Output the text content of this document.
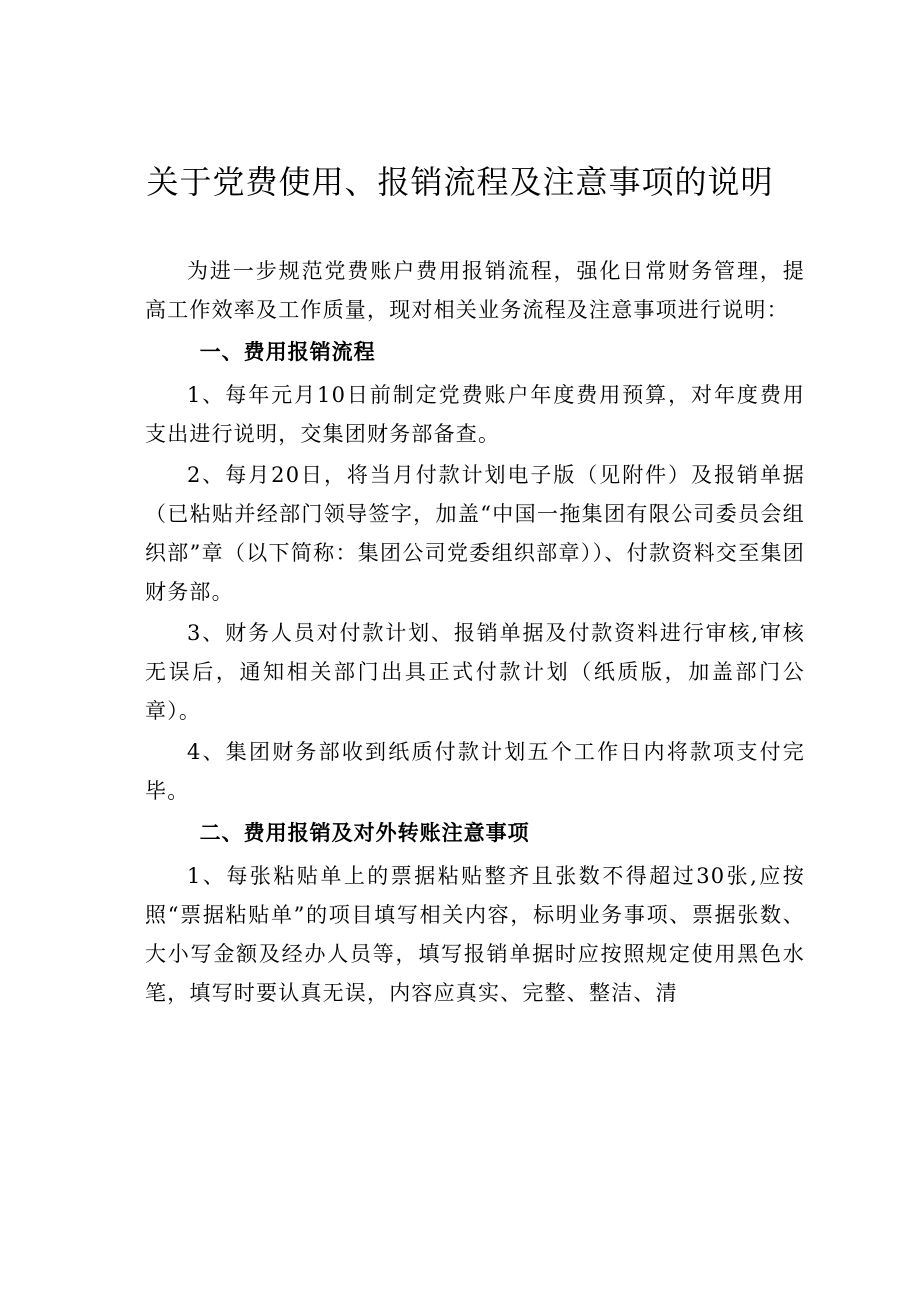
关于党费使用、报销流程及注意事项的说明

为进一步规范党费账户费用报销流程，强化日常财务管理，提高工作效率及工作质量，现对相关业务流程及注意事项进行说明：

一、费用报销流程

1、每年元月10日前制定党费账户年度费用预算，对年度费用支出进行说明，交集团财务部备查。

2、每月20日，将当月付款计划电子版（见附件）及报销单据（已粘贴并经部门领导签字，加盖“中国一拖集团有限公司委员会组织部”章（以下简称：集团公司党委组织部章））、付款资料交至集团财务部。

3、财务人员对付款计划、报销单据及付款资料进行审核,审核无误后，通知相关部门出具正式付款计划（纸质版，加盖部门公章）。

4、集团财务部收到纸质付款计划五个工作日内将款项支付完毕。

二、费用报销及对外转账注意事项

1、每张粘贴单上的票据粘贴整齐且张数不得超过30张,应按照“票据粘贴单”的项目填写相关内容，标明业务事项、票据张数、大小写金额及经办人员等，填写报销单据时应按照规定使用黑色水笔，填写时要认真无误，内容应真实、完整、整洁、清
